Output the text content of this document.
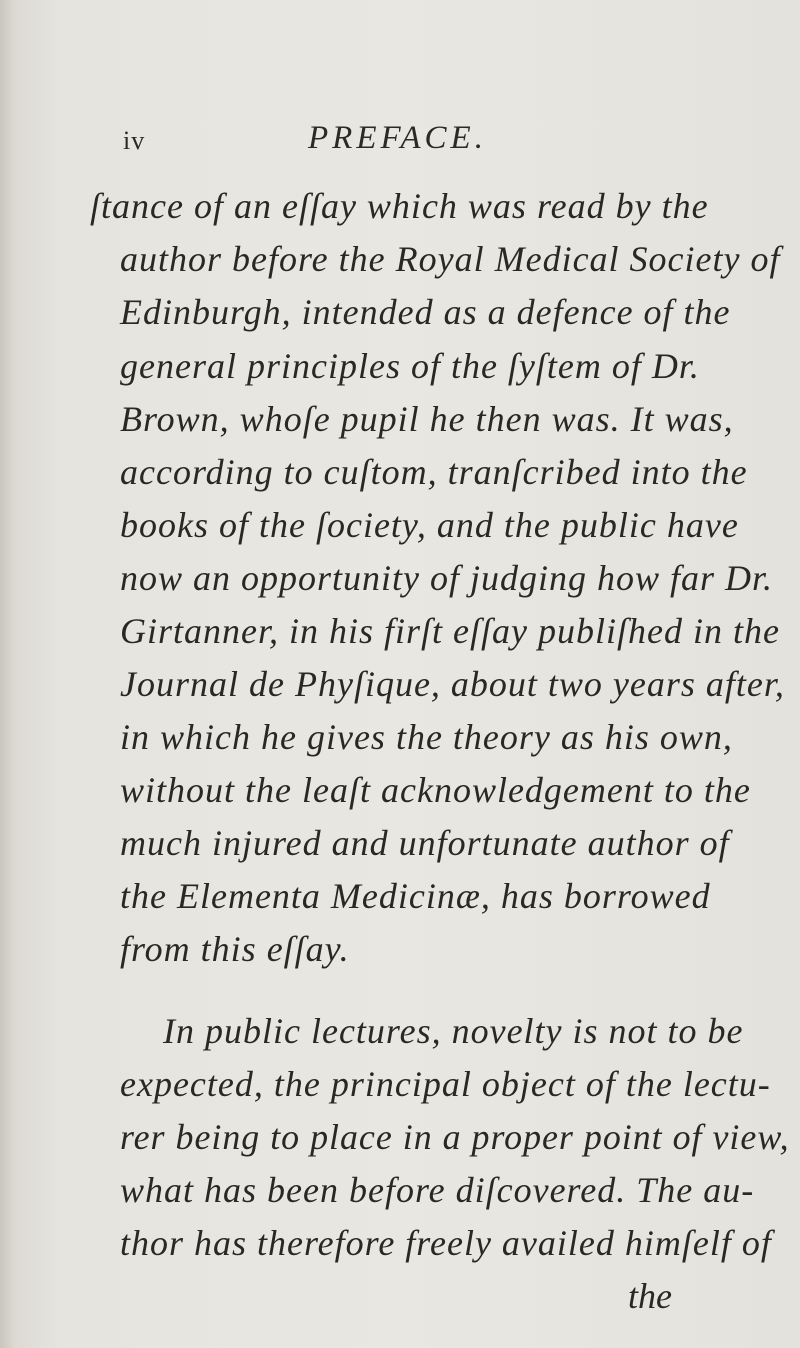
iv	PREFACE.
ſtance of an eſſay which was read by the
author before the Royal Medical Society of
Edinburgh, intended as a defence of the
general principles of the ſyſtem of Dr.
Brown, whoſe pupil he then was. It was,
according to cuſtom, tranſcribed into the
books of the ſociety, and the public have
now an opportunity of judging how far Dr.
Girtanner, in his firſt eſſay publiſhed in the
Journal de Phyſique, about two years after,
in which he gives the theory as his own,
without the leaſt acknowledgement to the
much injured and unfortunate author of
the Elementa Medicinæ, has borrowed
from this eſſay.
In public lectures, novelty is not to be
expected, the principal object of the lectu-
rer being to place in a proper point of view,
what has been before diſcovered. The au-
thor has therefore freely availed himſelf of
the
